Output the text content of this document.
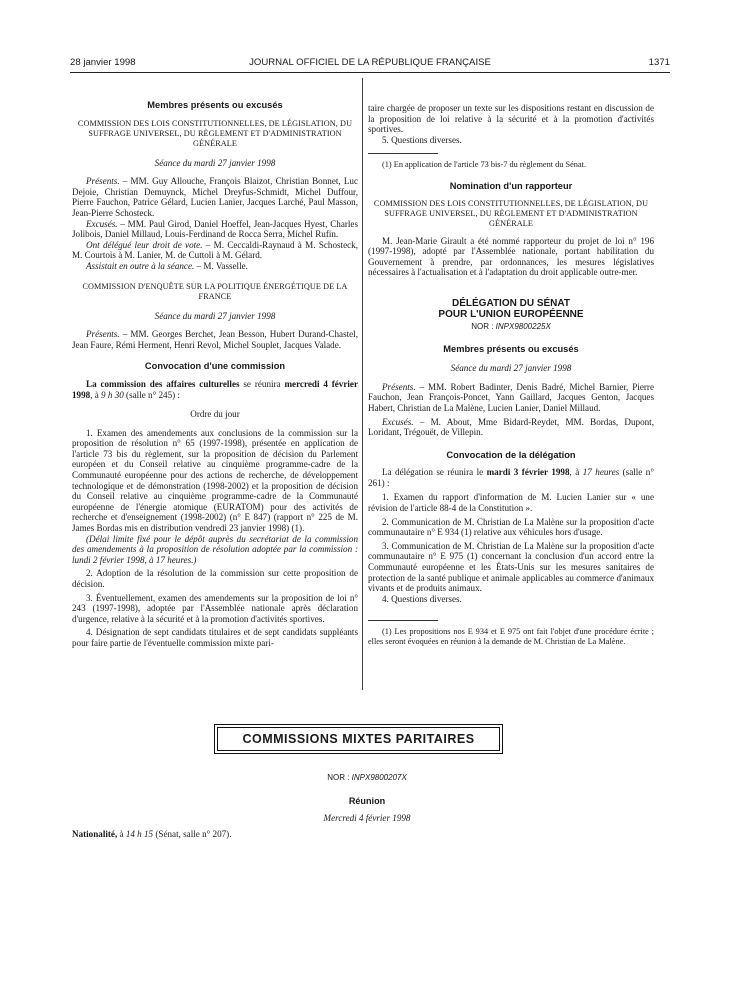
28 janvier 1998	JOURNAL OFFICIEL DE LA RÉPUBLIQUE FRANÇAISE	1371

Membres présents ou excusés

COMMISSION DES LOIS CONSTITUTIONNELLES, DE LÉGISLATION, DU SUFFRAGE UNIVERSEL, DU RÈGLEMENT ET D'ADMINISTRATION GÉNÉRALE

Séance du mardi 27 janvier 1998

Présents. – MM. Guy Allouche, François Blaizot, Christian Bonnet, Luc Dejoie, Christian Demuynck, Michel Dreyfus-Schmidt, Michel Duffour, Pierre Fauchon, Patrice Gélard, Lucien Lanier, Jacques Larché, Paul Masson, Jean-Pierre Schosteck.

Excusés. – MM. Paul Girod, Daniel Hoeffel, Jean-Jacques Hyest, Charles Jolibois, Daniel Millaud, Louis-Ferdinand de Rocca Serra, Michel Rufin.

Ont délégué leur droit de vote. – M. Ceccaldi-Raynaud à M. Schosteck, M. Courtois à M. Lanier, M. de Cuttoli à M. Gélard.

Assistait en outre à la séance. – M. Vasselle.

COMMISSION D'ENQUÊTE SUR LA POLITIQUE ÉNERGÉTIQUE DE LA FRANCE

Séance du mardi 27 janvier 1998

Présents. – MM. Georges Berchet, Jean Besson, Hubert Durand-Chastel, Jean Faure, Rémi Herment, Henri Revol, Michel Souplet, Jacques Valade.

Convocation d'une commission

La commission des affaires culturelles se réunira mercredi 4 février 1998, à 9 h 30 (salle n° 245) :

Ordre du jour

1. Examen des amendements aux conclusions de la commission sur la proposition de résolution n° 65 (1997-1998), présentée en application de l'article 73 bis du règlement, sur la proposition de décision du Parlement européen et du Conseil relative au cinquième programme-cadre de la Communauté européenne pour des actions de recherche, de développement technologique et de démonstration (1998-2002) et la proposition de décision du Conseil relative au cinquième programme-cadre de la Communauté européenne de l'énergie atomique (EURATOM) pour des activités de recherche et d'enseignement (1998-2002) (n° E 847) (rapport n° 225 de M. James Bordas mis en distribution vendredi 23 janvier 1998) (1).

(Délai limite fixé pour le dépôt auprès du secrétariat de la commission des amendements à la proposition de résolution adoptée par la commission : lundi 2 février 1998, à 17 heures.)

2. Adoption de la résolution de la commission sur cette proposition de décision.

3. Éventuellement, examen des amendements sur la proposition de loi n° 243 (1997-1998), adoptée par l'Assemblée nationale après déclaration d'urgence, relative à la sécurité et à la promotion d'activités sportives.

4. Désignation de sept candidats titulaires et de sept candidats suppléants pour faire partie de l'éventuelle commission mixte pari-

taire chargée de proposer un texte sur les dispositions restant en discussion de la proposition de loi relative à la sécurité et à la promotion d'activités sportives.

5. Questions diverses.

(1) En application de l'article 73 bis-7 du règlement du Sénat.

Nomination d'un rapporteur

COMMISSION DES LOIS CONSTITUTIONNELLES, DE LÉGISLATION, DU SUFFRAGE UNIVERSEL, DU RÈGLEMENT ET D'ADMINISTRATION GÉNÉRALE

M. Jean-Marie Girault a été nommé rapporteur du projet de loi n° 196 (1997-1998), adopté par l'Assemblée nationale, portant habilitation du Gouvernement à prendre, par ordonnances, les mesures législatives nécessaires à l'actualisation et à l'adaptation du droit applicable outre-mer.

DÉLÉGATION DU SÉNAT

POUR L'UNION EUROPÉENNE

NOR : INPX9800225X

Membres présents ou excusés

Séance du mardi 27 janvier 1998

Présents. – MM. Robert Badinter, Denis Badré, Michel Barnier, Pierre Fauchon, Jean François-Poncet, Yann Gaillard, Jacques Genton, Jacques Habert, Christian de La Malène, Lucien Lanier, Daniel Millaud.

Excusés. – M. About, Mme Bidard-Reydet, MM. Bordas, Dupont, Loridant, Trégouët, de Villepin.

Convocation de la délégation

La délégation se réunira le mardi 3 février 1998, à 17 heures (salle n° 261) :

1. Examen du rapport d'information de M. Lucien Lanier sur « une révision de l'article 88-4 de la Constitution ».

2. Communication de M. Christian de La Malène sur la proposition d'acte communautaire n° E 934 (1) relative aux véhicules hors d'usage.

3. Communication de M. Christian de La Malène sur la proposition d'acte communautaire n° E 975 (1) concernant la conclusion d'un accord entre la Communauté européenne et les États-Unis sur les mesures sanitaires de protection de la santé publique et animale applicables au commerce d'animaux vivants et de produits animaux.

4. Questions diverses.

(1) Les propositions nos E 934 et E 975 ont fait l'objet d'une procédure écrite ; elles seront évoquées en réunion à la demande de M. Christian de La Malène.

COMMISSIONS MIXTES PARITAIRES
NOR : INPX9800207X
Réunion
Mercredi 4 février 1998
Nationalité, à 14 h 15 (Sénat, salle n° 207).
